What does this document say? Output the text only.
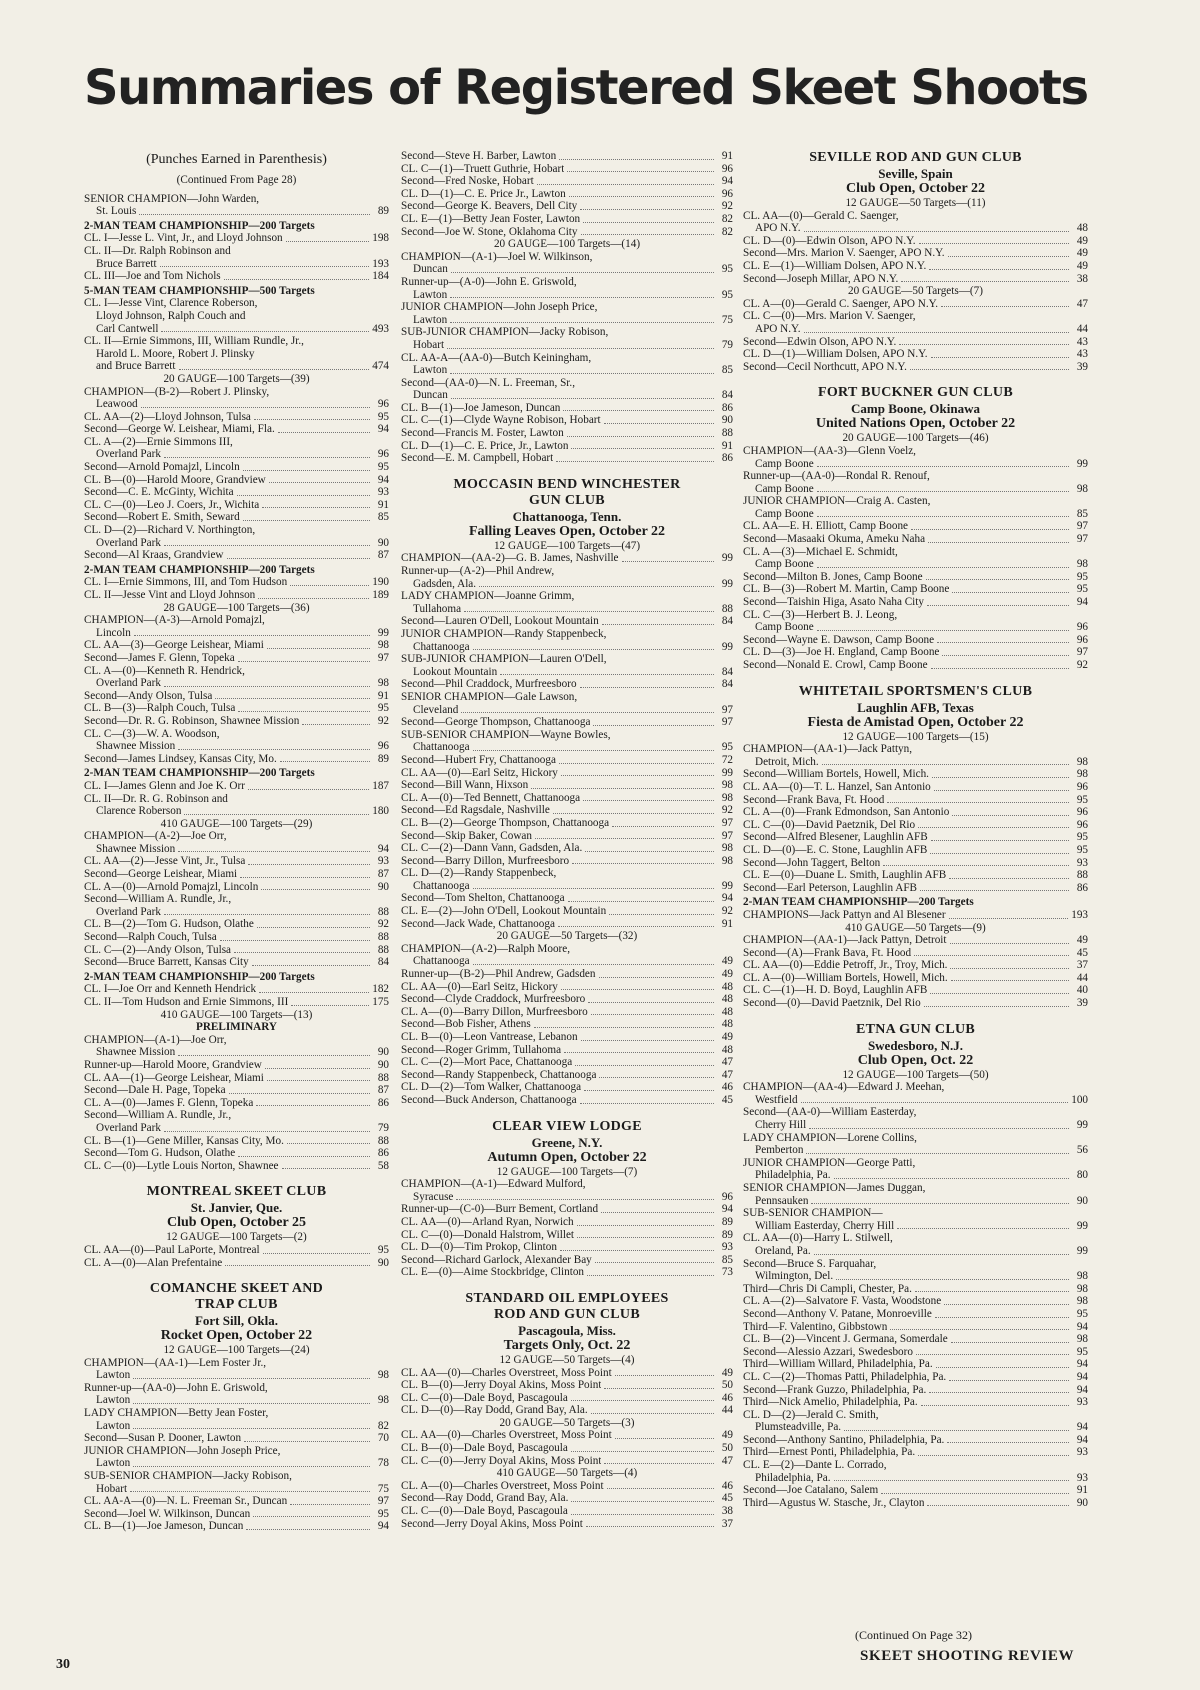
Summaries of Registered Skeet Shoots
(Punches Earned in Parenthesis)
(Continued From Page 28)
SENIOR CHAMPION—John Warden,
St. Louis	89
2-MAN TEAM CHAMPIONSHIP—200 Targets
CL. I—Jesse L. Vint, Jr., and Lloyd Johnson	198
CL. II—Dr. Ralph Robinson and
Bruce Barrett	193
CL. III—Joe and Tom Nichols	184
5-MAN TEAM CHAMPIONSHIP—500 Targets
CL. I—Jesse Vint, Clarence Roberson,
Lloyd Johnson, Ralph Couch and
Carl Cantwell	493
CL. II—Ernie Simmons, III, William Rundle, Jr.,
Harold L. Moore, Robert J. Plinsky
and Bruce Barrett	474
20 GAUGE—100 Targets—(39)
CHAMPION—(B-2)—Robert J. Plinsky,
Leawood	96
CL. AA—(2)—Lloyd Johnson, Tulsa	95
Second—George W. Leishear, Miami, Fla.	94
CL. A—(2)—Ernie Simmons III,
Overland Park	96
Second—Arnold Pomajzl, Lincoln	95
CL. B—(0)—Harold Moore, Grandview	94
Second—C. E. McGinty, Wichita	93
CL. C—(0)—Leo J. Coers, Jr., Wichita	91
Second—Robert E. Smith, Seward	85
CL. D—(2)—Richard V. Northington,
Overland Park	90
Second—Al Kraas, Grandview	87
2-MAN TEAM CHAMPIONSHIP—200 Targets
CL. I—Ernie Simmons, III, and Tom Hudson	190
CL. II—Jesse Vint and Lloyd Johnson	189
28 GAUGE—100 Targets—(36)
CHAMPION—(A-3)—Arnold Pomajzl,
Lincoln	99
CL. AA—(3)—George Leishear, Miami	98
Second—James F. Glenn, Topeka	97
CL. A—(0)—Kenneth R. Hendrick,
Overland Park	98
Second—Andy Olson, Tulsa	91
CL. B—(3)—Ralph Couch, Tulsa	95
Second—Dr. R. G. Robinson, Shawnee Mission	92
CL. C—(3)—W. A. Woodson,
Shawnee Mission	96
Second—James Lindsey, Kansas City, Mo.	89
2-MAN TEAM CHAMPIONSHIP—200 Targets
CL. I—James Glenn and Joe K. Orr	187
CL. II—Dr. R. G. Robinson and
Clarence Roberson	180
410 GAUGE—100 Targets—(29)
CHAMPION—(A-2)—Joe Orr,
Shawnee Mission	94
CL. AA—(2)—Jesse Vint, Jr., Tulsa	93
Second—George Leishear, Miami	87
CL. A—(0)—Arnold Pomajzl, Lincoln	90
Second—William A. Rundle, Jr.,
Overland Park	88
CL. B—(2)—Tom G. Hudson, Olathe	92
Second—Ralph Couch, Tulsa	88
CL. C—(2)—Andy Olson, Tulsa	88
Second—Bruce Barrett, Kansas City	84
2-MAN TEAM CHAMPIONSHIP—200 Targets
CL. I—Joe Orr and Kenneth Hendrick	182
CL. II—Tom Hudson and Ernie Simmons, III	175
410 GAUGE—100 Targets—(13)
PRELIMINARY
CHAMPION—(A-1)—Joe Orr,
Shawnee Mission	90
Runner-up—Harold Moore, Grandview	90
CL. AA—(1)—George Leishear, Miami	88
Second—Dale H. Page, Topeka	87
CL. A—(0)—James F. Glenn, Topeka	86
Second—William A. Rundle, Jr.,
Overland Park	79
CL. B—(1)—Gene Miller, Kansas City, Mo.	88
Second—Tom G. Hudson, Olathe	86
CL. C—(0)—Lytle Louis Norton, Shawnee	58
MONTREAL SKEET CLUB
St. Janvier, Que.
Club Open, October 25
12 GAUGE—100 Targets—(2)
CL. AA—(0)—Paul LaPorte, Montreal	95
CL. A—(0)—Alan Prefentaine	90
COMANCHE SKEET AND
TRAP CLUB
Fort Sill, Okla.
Rocket Open, October 22
12 GAUGE—100 Targets—(24)
CHAMPION—(AA-1)—Lem Foster Jr.,
Lawton	98
Runner-up—(AA-0)—John E. Griswold,
Lawton	98
LADY CHAMPION—Betty Jean Foster,
Lawton	82
Second—Susan P. Dooner, Lawton	70
JUNIOR CHAMPION—John Joseph Price,
Lawton	78
SUB-SENIOR CHAMPION—Jacky Robison,
Hobart	75
CL. AA-A—(0)—N. L. Freeman Sr., Duncan	97
Second—Joel W. Wilkinson, Duncan	95
CL. B—(1)—Joe Jameson, Duncan	94
Second—Steve H. Barber, Lawton	91
CL. C—(1)—Truett Guthrie, Hobart	96
Second—Fred Noske, Hobart	94
CL. D—(1)—C. E. Price Jr., Lawton	96
Second—George K. Beavers, Dell City	92
CL. E—(1)—Betty Jean Foster, Lawton	82
Second—Joe W. Stone, Oklahoma City	82
20 GAUGE—100 Targets—(14)
CHAMPION—(A-1)—Joel W. Wilkinson,
Duncan	95
Runner-up—(A-0)—John E. Griswold,
Lawton	95
JUNIOR CHAMPION—John Joseph Price,
Lawton	75
SUB-JUNIOR CHAMPION—Jacky Robison,
Hobart	79
CL. AA-A—(AA-0)—Butch Keiningham,
Lawton	85
Second—(AA-0)—N. L. Freeman, Sr.,
Duncan	84
CL. B—(1)—Joe Jameson, Duncan	86
CL. C—(1)—Clyde Wayne Robison, Hobart	90
Second—Francis M. Foster, Lawton	88
CL. D—(1)—C. E. Price, Jr., Lawton	91
Second—E. M. Campbell, Hobart	86
MOCCASIN BEND WINCHESTER
GUN CLUB
Chattanooga, Tenn.
Falling Leaves Open, October 22
12 GAUGE—100 Targets—(47)
CHAMPION—(AA-2)—G. B. James, Nashville	99
Runner-up—(A-2)—Phil Andrew,
Gadsden, Ala.	99
LADY CHAMPION—Joanne Grimm,
Tullahoma	88
Second—Lauren O'Dell, Lookout Mountain	84
JUNIOR CHAMPION—Randy Stappenbeck,
Chattanooga	99
SUB-JUNIOR CHAMPION—Lauren O'Dell,
Lookout Mountain	84
Second—Phil Craddock, Murfreesboro	84
SENIOR CHAMPION—Gale Lawson,
Cleveland	97
Second—George Thompson, Chattanooga	97
SUB-SENIOR CHAMPION—Wayne Bowles,
Chattanooga	95
Second—Hubert Fry, Chattanooga	72
CL. AA—(0)—Earl Seitz, Hickory	99
Second—Bill Wann, Hixson	98
CL. A—(0)—Ted Bennett, Chattanooga	98
Second—Ed Ragsdale, Nashville	92
CL. B—(2)—George Thompson, Chattanooga	97
Second—Skip Baker, Cowan	97
CL. C—(2)—Dann Vann, Gadsden, Ala.	98
Second—Barry Dillon, Murfreesboro	98
CL. D—(2)—Randy Stappenbeck,
Chattanooga	99
Second—Tom Shelton, Chattanooga	94
CL. E—(2)—John O'Dell, Lookout Mountain	92
Second—Jack Wade, Chattanooga	91
20 GAUGE—50 Targets—(32)
CHAMPION—(A-2)—Ralph Moore,
Chattanooga	49
Runner-up—(B-2)—Phil Andrew, Gadsden	49
CL. AA—(0)—Earl Seitz, Hickory	48
Second—Clyde Craddock, Murfreesboro	48
CL. A—(0)—Barry Dillon, Murfreesboro	48
Second—Bob Fisher, Athens	48
CL. B—(0)—Leon Vantrease, Lebanon	49
Second—Roger Grimm, Tullahoma	48
CL. C—(2)—Mort Pace, Chattanooga	47
Second—Randy Stappenbeck, Chattanooga	47
CL. D—(2)—Tom Walker, Chattanooga	46
Second—Buck Anderson, Chattanooga	45
CLEAR VIEW LODGE
Greene, N.Y.
Autumn Open, October 22
12 GAUGE—100 Targets—(7)
CHAMPION—(A-1)—Edward Mulford,
Syracuse	96
Runner-up—(C-0)—Burr Bement, Cortland	94
CL. AA—(0)—Arland Ryan, Norwich	89
CL. C—(0)—Donald Halstrom, Willet	89
CL. D—(0)—Tim Prokop, Clinton	93
Second—Richard Garlock, Alexander Bay	85
CL. E—(0)—Aime Stockbridge, Clinton	73
STANDARD OIL EMPLOYEES
ROD AND GUN CLUB
Pascagoula, Miss.
Targets Only, Oct. 22
12 GAUGE—50 Targets—(4)
CL. AA—(0)—Charles Overstreet, Moss Point	49
CL. B—(0)—Jerry Doyal Akins, Moss Point	50
CL. C—(0)—Dale Boyd, Pascagoula	46
CL. D—(0)—Ray Dodd, Grand Bay, Ala.	44
20 GAUGE—50 Targets—(3)
CL. AA—(0)—Charles Overstreet, Moss Point	49
CL. B—(0)—Dale Boyd, Pascagoula	50
CL. C—(0)—Jerry Doyal Akins, Moss Point	47
410 GAUGE—50 Targets—(4)
CL. A—(0)—Charles Overstreet, Moss Point	46
Second—Ray Dodd, Grand Bay, Ala.	45
CL. C—(0)—Dale Boyd, Pascagoula	38
Second—Jerry Doyal Akins, Moss Point	37
SEVILLE ROD AND GUN CLUB
Seville, Spain
Club Open, October 22
12 GAUGE—50 Targets—(11)
CL. AA—(0)—Gerald C. Saenger,
APO N.Y.	48
CL. D—(0)—Edwin Olson, APO N.Y.	49
Second—Mrs. Marion V. Saenger, APO N.Y.	49
CL. E—(1)—William Dolsen, APO N.Y.	49
Second—Joseph Millar, APO N.Y.	38
20 GAUGE—50 Targets—(7)
CL. A—(0)—Gerald C. Saenger, APO N.Y.	47
CL. C—(0)—Mrs. Marion V. Saenger,
APO N.Y.	44
Second—Edwin Olson, APO N.Y.	43
CL. D—(1)—William Dolsen, APO N.Y.	43
Second—Cecil Northcutt, APO N.Y.	39
FORT BUCKNER GUN CLUB
Camp Boone, Okinawa
United Nations Open, October 22
20 GAUGE—100 Targets—(46)
CHAMPION—(AA-3)—Glenn Voelz,
Camp Boone	99
Runner-up—(AA-0)—Rondal R. Renouf,
Camp Boone	98
JUNIOR CHAMPION—Craig A. Casten,
Camp Boone	85
CL. AA—E. H. Elliott, Camp Boone	97
Second—Masaaki Okuma, Ameku Naha	97
CL. A—(3)—Michael E. Schmidt,
Camp Boone	98
Second—Milton B. Jones, Camp Boone	95
CL. B—(3)—Robert M. Martin, Camp Boone	95
Second—Taishin Higa, Asato Naha City	94
CL. C—(3)—Herbert B. J. Leong,
Camp Boone	96
Second—Wayne E. Dawson, Camp Boone	96
CL. D—(3)—Joe H. England, Camp Boone	97
Second—Nonald E. Crowl, Camp Boone	92
WHITETAIL SPORTSMEN'S CLUB
Laughlin AFB, Texas
Fiesta de Amistad Open, October 22
12 GAUGE—100 Targets—(15)
CHAMPION—(AA-1)—Jack Pattyn,
Detroit, Mich.	98
Second—William Bortels, Howell, Mich.	98
CL. AA—(0)—T. L. Hanzel, San Antonio	96
Second—Frank Bava, Ft. Hood	95
CL. A—(0)—Frank Edmondson, San Antonio	96
CL. C—(0)—David Paetznik, Del Rio	96
Second—Alfred Blesener, Laughlin AFB	95
CL. D—(0)—E. C. Stone, Laughlin AFB	95
Second—John Taggert, Belton	93
CL. E—(0)—Duane L. Smith, Laughlin AFB	88
Second—Earl Peterson, Laughlin AFB	86
2-MAN TEAM CHAMPIONSHIP—200 Targets
CHAMPIONS—Jack Pattyn and Al Blesener	193
410 GAUGE—50 Targets—(9)
CHAMPION—(AA-1)—Jack Pattyn, Detroit	49
Second—(A)—Frank Bava, Ft. Hood	45
CL. AA—(0)—Eddie Petroff, Jr., Troy, Mich.	37
CL. A—(0)—William Bortels, Howell, Mich.	44
CL. C—(1)—H. D. Boyd, Laughlin AFB	40
Second—(0)—David Paetznik, Del Rio	39
ETNA GUN CLUB
Swedesboro, N.J.
Club Open, Oct. 22
12 GAUGE—100 Targets—(50)
CHAMPION—(AA-4)—Edward J. Meehan,
Westfield	100
Second—(AA-0)—William Easterday,
Cherry Hill	99
LADY CHAMPION—Lorene Collins,
Pemberton	56
JUNIOR CHAMPION—George Patti,
Philadelphia, Pa.	80
SENIOR CHAMPION—James Duggan,
Pennsauken	90
SUB-SENIOR CHAMPION—
William Easterday, Cherry Hill	99
CL. AA—(0)—Harry L. Stilwell,
Oreland, Pa.	99
Second—Bruce S. Farquahar,
Wilmington, Del.	98
Third—Chris Di Campli, Chester, Pa.	98
CL. A—(2)—Salvatore F. Vasta, Woodstone	98
Second—Anthony V. Patane, Monroeville	95
Third—F. Valentino, Gibbstown	94
CL. B—(2)—Vincent J. Germana, Somerdale	98
Second—Alessio Azzari, Swedesboro	95
Third—William Willard, Philadelphia, Pa.	94
CL. C—(2)—Thomas Patti, Philadelphia, Pa.	94
Second—Frank Guzzo, Philadelphia, Pa.	94
Third—Nick Amelio, Philadelphia, Pa.	93
CL. D—(2)—Jerald C. Smith,
Plumsteadville, Pa.	94
Second—Anthony Santino, Philadelphia, Pa.	94
Third—Ernest Ponti, Philadelphia, Pa.	93
CL. E—(2)—Dante L. Corrado,
Philadelphia, Pa.	93
Second—Joe Catalano, Salem	91
Third—Agustus W. Stasche, Jr., Clayton	90
(Continued On Page 32)
30
SKEET SHOOTING REVIEW
